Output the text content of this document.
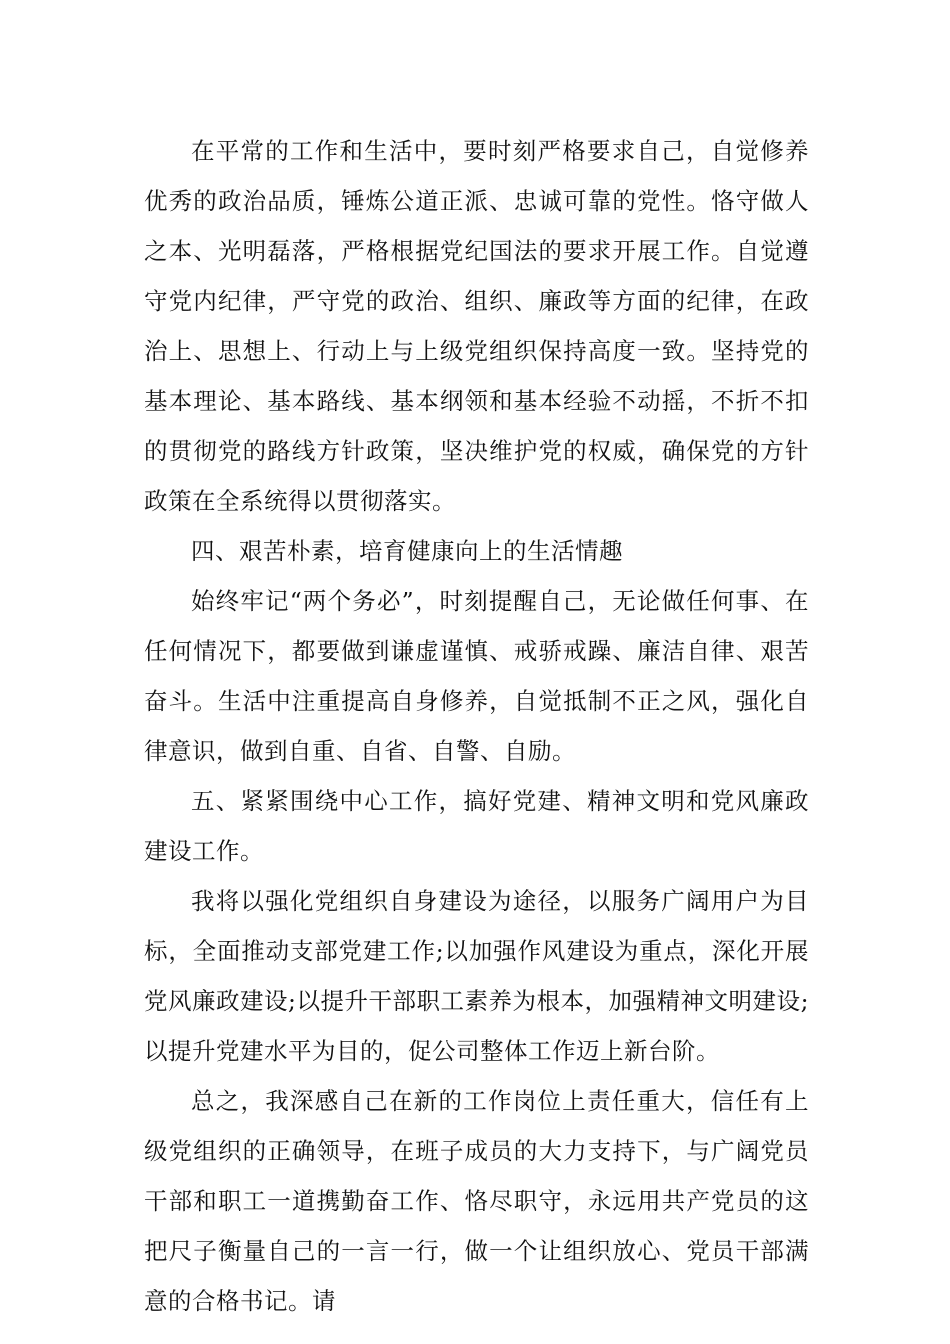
在平常的工作和生活中，要时刻严格要求自己，自觉修养优秀的政治品质，锤炼公道正派、忠诚可靠的党性。恪守做人之本、光明磊落，严格根据党纪国法的要求开展工作。自觉遵守党内纪律，严守党的政治、组织、廉政等方面的纪律，在政治上、思想上、行动上与上级党组织保持高度一致。坚持党的基本理论、基本路线、基本纲领和基本经验不动摇，不折不扣的贯彻党的路线方针政策，坚决维护党的权威，确保党的方针政策在全系统得以贯彻落实。

四、艰苦朴素，培育健康向上的生活情趣

始终牢记“两个务必”，时刻提醒自己，无论做任何事、在任何情况下，都要做到谦虚谨慎、戒骄戒躁、廉洁自律、艰苦奋斗。生活中注重提高自身修养，自觉抵制不正之风，强化自律意识，做到自重、自省、自警、自励。

五、紧紧围绕中心工作，搞好党建、精神文明和党风廉政建设工作。

我将以强化党组织自身建设为途径，以服务广阔用户为目标，全面推动支部党建工作;以加强作风建设为重点，深化开展党风廉政建设;以提升干部职工素养为根本，加强精神文明建设;以提升党建水平为目的，促公司整体工作迈上新台阶。

总之，我深感自己在新的工作岗位上责任重大，信任有上级党组织的正确领导，在班子成员的大力支持下，与广阔党员干部和职工一道携勤奋工作、恪尽职守，永远用共产党员的这把尺子衡量自己的一言一行，做一个让组织放心、党员干部满意的合格书记。请
